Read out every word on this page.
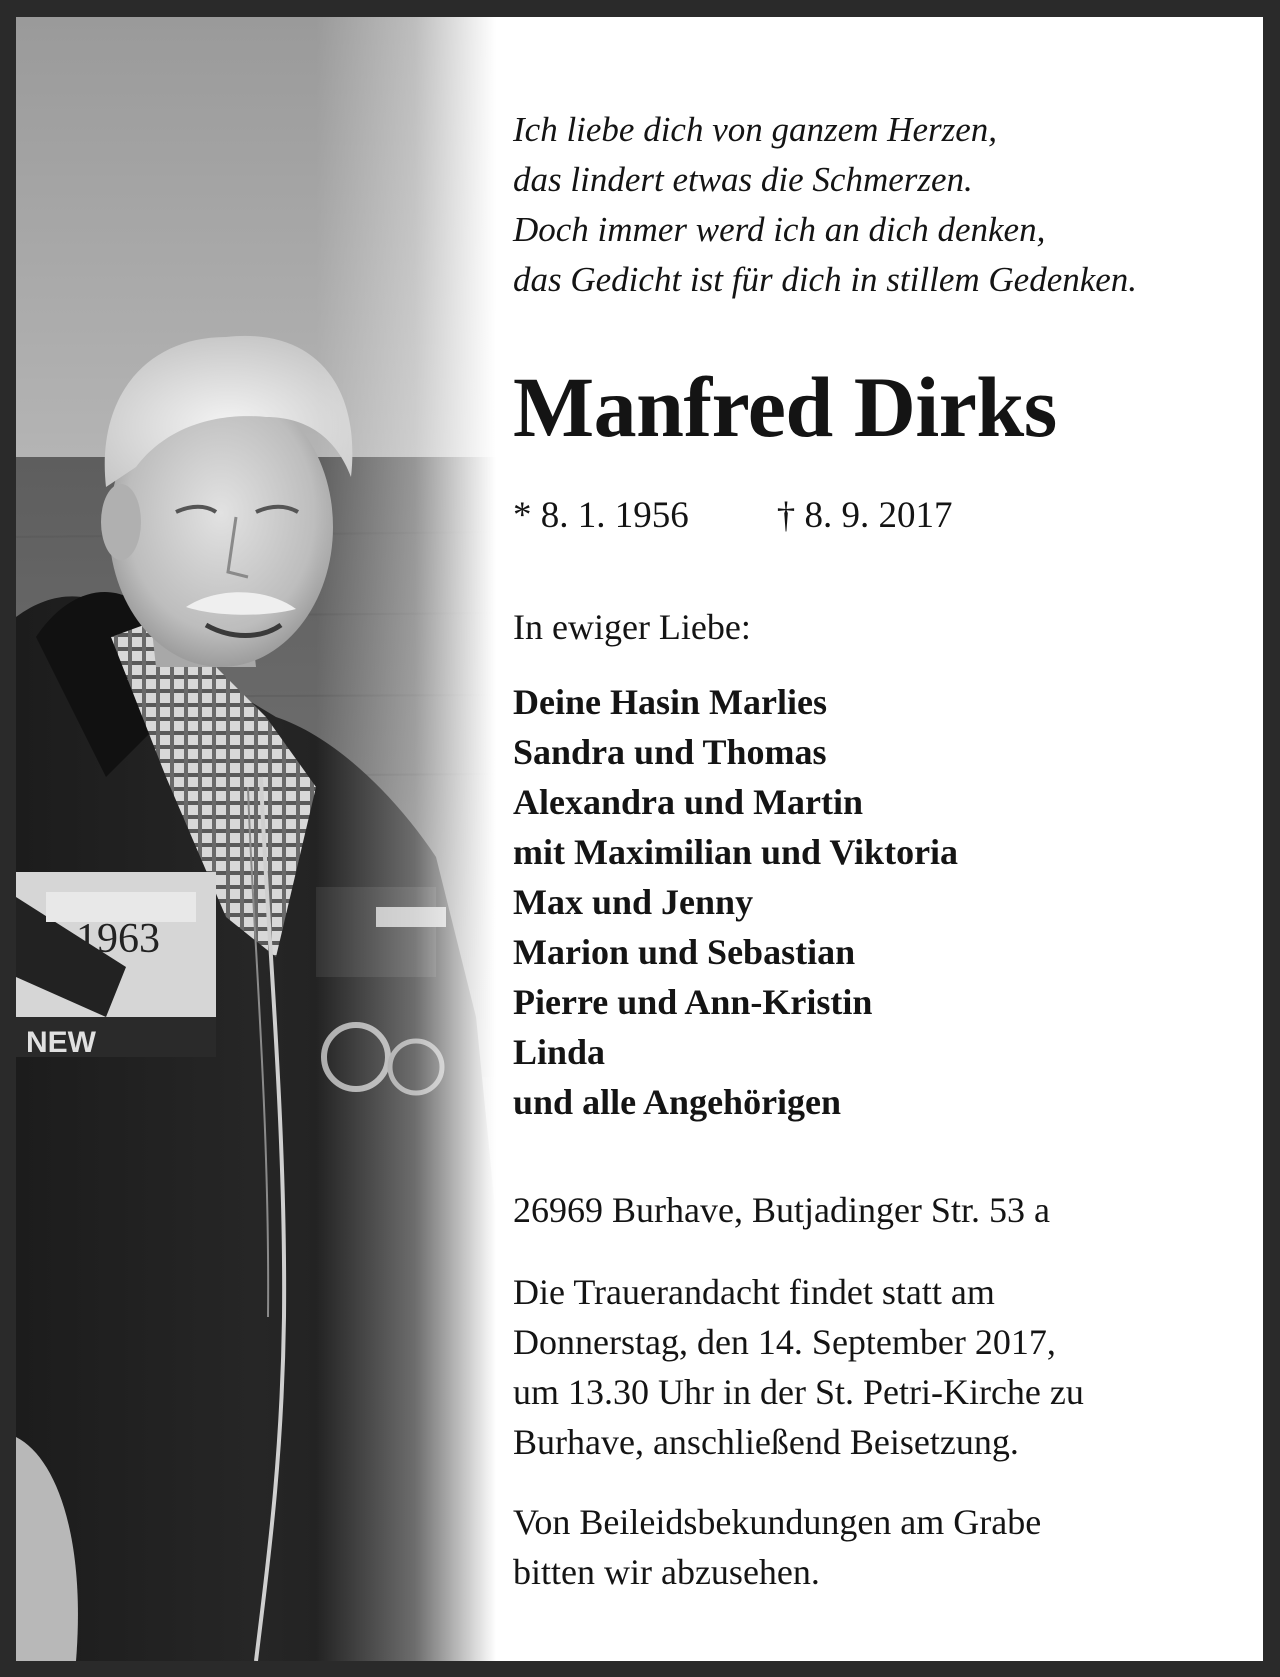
1963
NEW

Ich liebe dich von ganzem Herzen,
das lindert etwas die Schmerzen.
Doch immer werd ich an dich denken,
das Gedicht ist für dich in stillem Gedenken.

Manfred Dirks
* 8. 1. 1956 † 8. 9. 2017
In ewiger Liebe:
Deine Hasin Marlies
Sandra und Thomas
Alexandra und Martin
mit Maximilian und Viktoria
Max und Jenny
Marion und Sebastian
Pierre und Ann-Kristin
Linda
und alle Angehörigen
26969 Burhave, Butjadinger Str. 53 a
Die Trauerandacht findet statt am
Donnerstag, den 14. September 2017,
um 13.30 Uhr in der St. Petri-Kirche zu
Burhave, anschließend Beisetzung.
Von Beileidsbekundungen am Grabe
bitten wir abzusehen.
